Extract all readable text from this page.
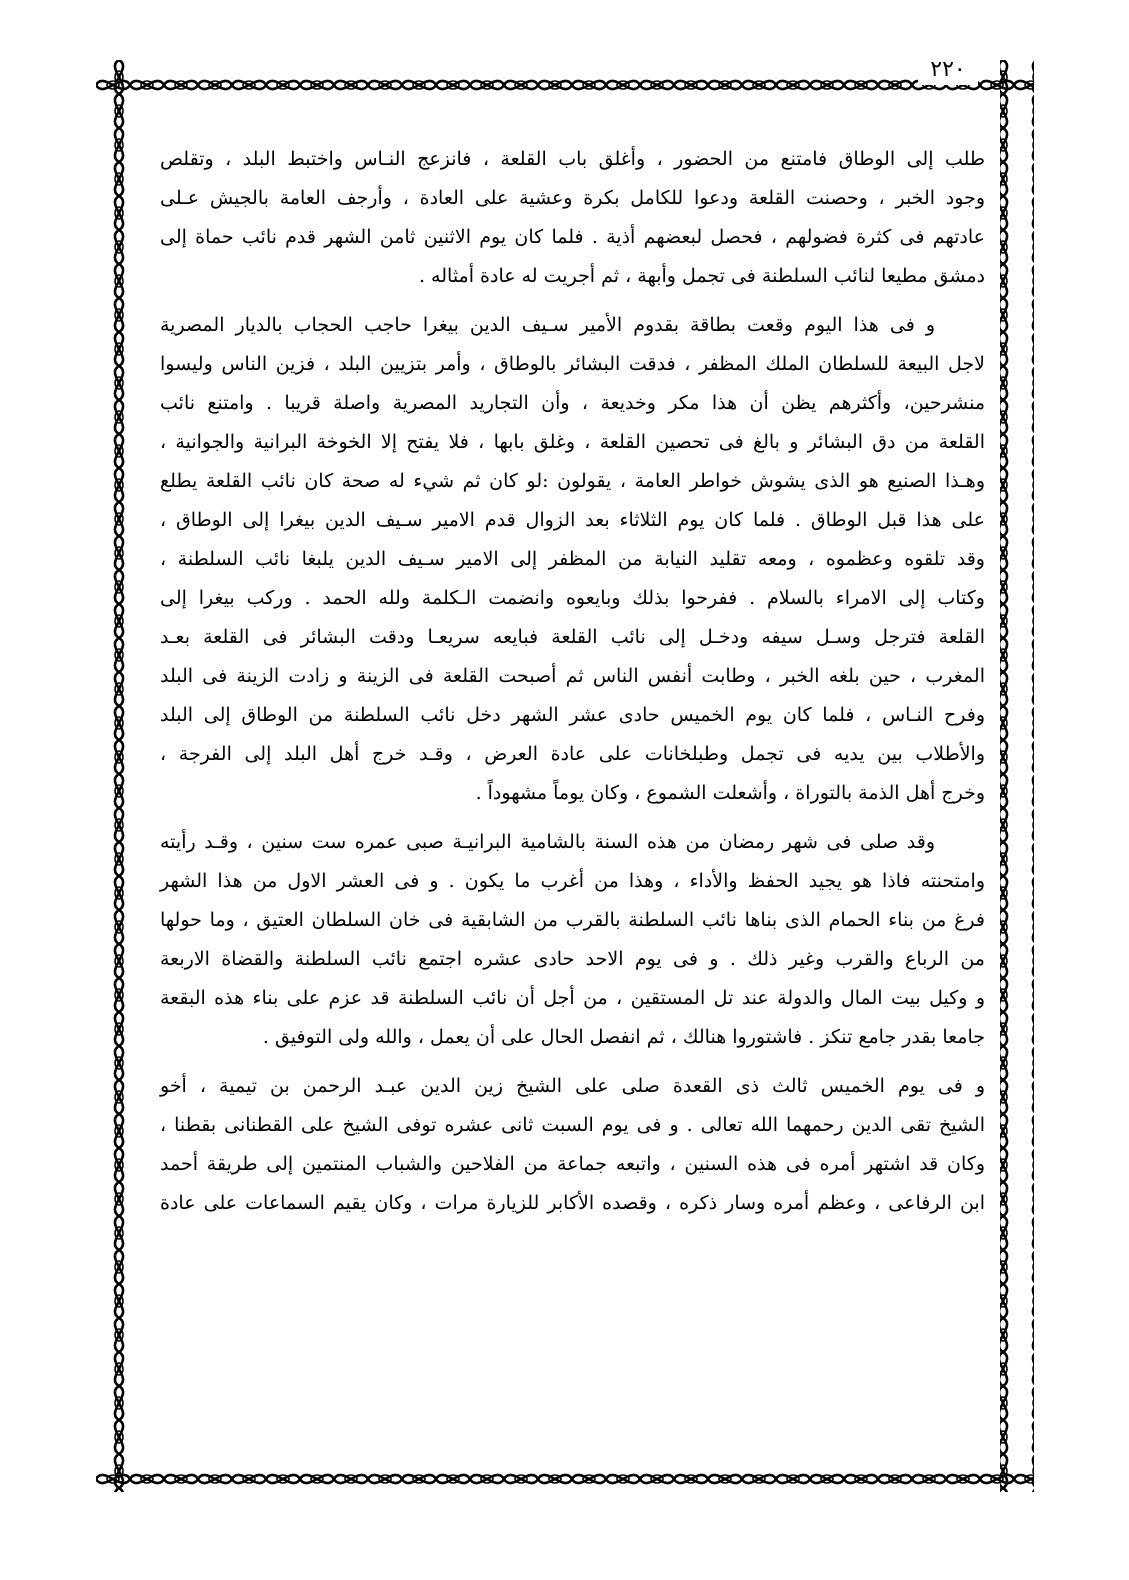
٢٢٠
طلب إلى الوطاق فامتنع من الحضور ، وأغلق باب القلعة ، فانزعج النـاس واختبط البلد ، وتقلص
وجود الخبر ، وحصنت القلعة ودعوا للكامل بكرة وعشية على العادة ، وأرجف العامة بالجيش عـلى
عادتهم فى كثرة فضولهم ، فحصل لبعضهم أذية . فلما كان يوم الاثنين ثامن الشهر قدم نائب حماة إلى
دمشق مطيعا لنائب السلطنة فى تجمل وأبهة ، ثم أجريت له عادة أمثاله .
و فى هذا اليوم وقعت بطاقة بقدوم الأمير سـيف الدين بيغرا حاجب الحجاب بالديار المصرية
لاجل البيعة للسلطان الملك المظفر ، فدقت البشائر بالوطاق ، وأمر بتزيين البلد ، فزين الناس وليسوا
منشرحين، وأكثرهم يظن أن هذا مكر وخديعة ، وأن التجاريد المصرية واصلة قريبا . وامتنع نائب
القلعة من دق البشائر و بالغ فى تحصين القلعة ، وغلق بابها ، فلا يفتح إلا الخوخة البرانية والجوانية ،
وهـذا الصنيع هو الذى يشوش خواطر العامة ، يقولون :لو كان ثم شيء له صحة كان نائب القلعة يطلع
على هذا قبل الوطاق . فلما كان يوم الثلاثاء بعد الزوال قدم الامير سـيف الدين بيغرا إلى الوطاق ،
وقد تلقوه وعظموه ، ومعه تقليد النيابة من المظفر إلى الامير سـيف الدين يلبغا نائب السلطنة ،
وكتاب إلى الامراء بالسلام . ففرحوا بذلك وبايعوه وانضمت الـكلمة ولله الحمد . وركب بيغرا إلى
القلعة فترجل وسـل سيفه ودخـل إلى نائب القلعة فبايعه سريعـا ودقت البشائر فى القلعة بعـد
المغرب ، حين بلغه الخبر ، وطابت أنفس الناس ثم أصبحت القلعة فى الزينة و زادت الزينة فى البلد
وفرح النـاس ، فلما كان يوم الخميس حادى عشر الشهر دخل نائب السلطنة من الوطاق إلى البلد
والأطلاب بين يديه فى تجمل وطبلخانات على عادة العرض ، وقـد خرج أهل البلد إلى الفرجة ،
وخرج أهل الذمة بالتوراة ، وأشعلت الشموع ، وكان يوماً مشهوداً .
وقد صلى فى شهر رمضان من هذه السنة بالشامية البرانيـة صبى عمره ست سنين ، وقـد رأيته
وامتحنته فاذا هو يجيد الحفظ والأداء ، وهذا من أغرب ما يكون . و فى العشر الاول من هذا الشهر
فرغ من بناء الحمام الذى بناها نائب السلطنة بالقرب من الشابقية فى خان السلطان العتيق ، وما حولها
من الرباع والقرب وغير ذلك . و فى يوم الاحد حادى عشره اجتمع نائب السلطنة والقضاة الاربعة
و وكيل بيت المال والدولة عند تل المستقين ، من أجل أن نائب السلطنة قد عزم على بناء هذه البقعة
جامعا بقدر جامع تنكز . فاشتوروا هنالك ، ثم انفصل الحال على أن يعمل ، والله ولى التوفيق .
و فى يوم الخميس ثالث ذى القعدة صلى على الشيخ زين الدين عبـد الرحمن بن تيمية ، أخو
الشيخ تقى الدين رحمهما الله تعالى . و فى يوم السبت ثانى عشره توفى الشيخ على القطنانى بقطنا ،
وكان قد اشتهر أمره فى هذه السنين ، واتبعه جماعة من الفلاحين والشباب المنتمين إلى طريقة أحمد
ابن الرفاعى ، وعظم أمره وسار ذكره ، وقصده الأكابر للزيارة مرات ، وكان يقيم السماعات على عادة
